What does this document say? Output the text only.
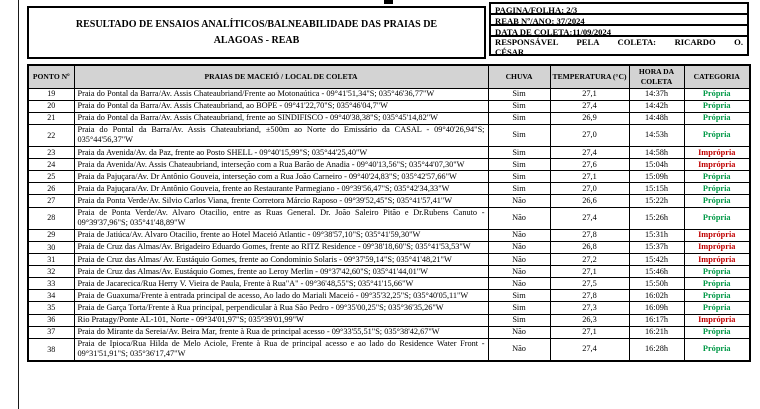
RESULTADO DE ENSAIOS ANALÍTICOS/BALNEABILIDADE DAS PRAIAS DE ALAGOAS - REAB
PAGINA/FOLHA: 2/3
REAB Nº/ANO: 37/2024
DATA DE COLETA:11/09/2024
RESPONSÁVEL PELA COLETA: RICARDO O. CÉSAR
PONTO Nº	PRAIAS DE MACEIÓ / LOCAL DE COLETA	CHUVA	TEMPERATURA (°C)	HORA DA COLETA	CATEGORIA
19	Praia do Pontal da Barra/Av. Assis Chateaubriand/Frente ao Motonaútica - 09°41'51,34"S; 035°46'36,77"W	Sim	27,1	14:37h	Própria
20	Praia do Pontal da Barra/Av. Assis Chateaubriand, ao BOPE - 09°41'22,70"S; 035°46'04,7"W	Sim	27,4	14:42h	Própria
21	Praia do Pontal da Barra/Av. Assis Chateaubriand, frente ao SINDIFISCO - 09°40'38,38"S; 035°45'14,82"W	Sim	26,9	14:48h	Própria
22	Praia do Pontal da Barra/Av. Assis Chateaubriand, ±500m ao Norte do Emissário da CASAL - 09°40'26,94"S; 035°44'56,37"W	Sim	27,0	14:53h	Própria
23	Praia da Avenida/Av. da Paz, frente ao Posto SHELL - 09°40'15,99"S; 035°44'25,40"W	Sim	27,4	14:58h	Imprópria
24	Praia da Avenida/Av. Assis Chateaubriand, interseção com a Rua Barão de Anadia - 09°40'13,56"S; 035°44'07,30"W	Sim	27,6	15:04h	Imprópria
25	Praia da Pajuçara/Av. Dr Antônio Gouveia, interseção com a Rua João Carneiro - 09°40'24,83"S; 035°42'57,66"W	Sim	27,1	15:09h	Própria
26	Praia da Pajuçara/Av. Dr Antônio Gouveia, frente ao Restaurante Parmegiano - 09°39'56,47"S; 035°42'34,33"W	Sim	27,0	15:15h	Própria
27	Praia da Ponta Verde/Av. Silvio Carlos Viana, frente Corretora Márcio Raposo - 09°39'52,45"S; 035°41'57,41"W	Não	26,6	15:22h	Própria
28	Praia de Ponta Verde/Av. Alvaro Otacilio, entre as Ruas General. Dr. João Saleiro Pitão e Dr.Rubens Canuto - 09°39'37,96"S; 035°41'48,89"W	Não	27,4	15:26h	Própria
29	Praia de Jatiúca/Av. Alvaro Otacilio, frente ao Hotel Maceió Atlantic - 09°38'57,10"S; 035°41'59,30"W	Não	27,8	15:31h	Imprópria
30	Praia de Cruz das Almas/Av. Brigadeiro Eduardo Gomes, frente ao RITZ Residence - 09°38'18,60"S; 035°41'53,53"W	Não	26,8	15:37h	Imprópria
31	Praia de Cruz das Almas/ Av. Eustáquio Gomes, frente ao Condominio Solaris - 09°37'59,14"S; 035°41'48,21"W	Não	27,2	15:42h	Imprópria
32	Praia de Cruz das Almas/Av. Eustáquio Gomes, frente ao Leroy Merlin - 09°37'42,60"S; 035°41'44,01"W	Não	27,1	15:46h	Própria
33	Praia de Jacarecica/Rua Herry V. Vieira de Paula, Frente à Rua"A" - 09°36'48,55"S; 035°41'15,66"W	Não	27,5	15:50h	Própria
34	Praia de Guaxuma/Frente à entrada principal de acesso, Ao lado do Mariali Maceió - 09°35'32,25"S; 035°40'05,11"W	Sim	27,8	16:02h	Própria
35	Praia de Garça Torta/Frente à Rua principal, perpendicular à Rua São Pedro - 09°35'00,25"S; 035°36'35,26"W	Sim	27,3	16:09h	Própria
36	Rio Pratagy/Ponte AL-101, Norte - 09°34'01,97"S; 035°39'01,99"W	Sim	26,3	16:17h	Imprópria
37	Praia do Mirante da Sereia/Av. Beira Mar, frente à Rua de principal acesso - 09°33'55,51"S; 035°38'42,67"W	Não	27,1	16:21h	Própria
38	Praia de Ipioca/Rua Hilda de Melo Aciole, Frente à Rua de principal acesso e ao lado do Residence Water Front - 09°31'51,91"S; 035°36'17,47"W	Não	27,4	16:28h	Própria
